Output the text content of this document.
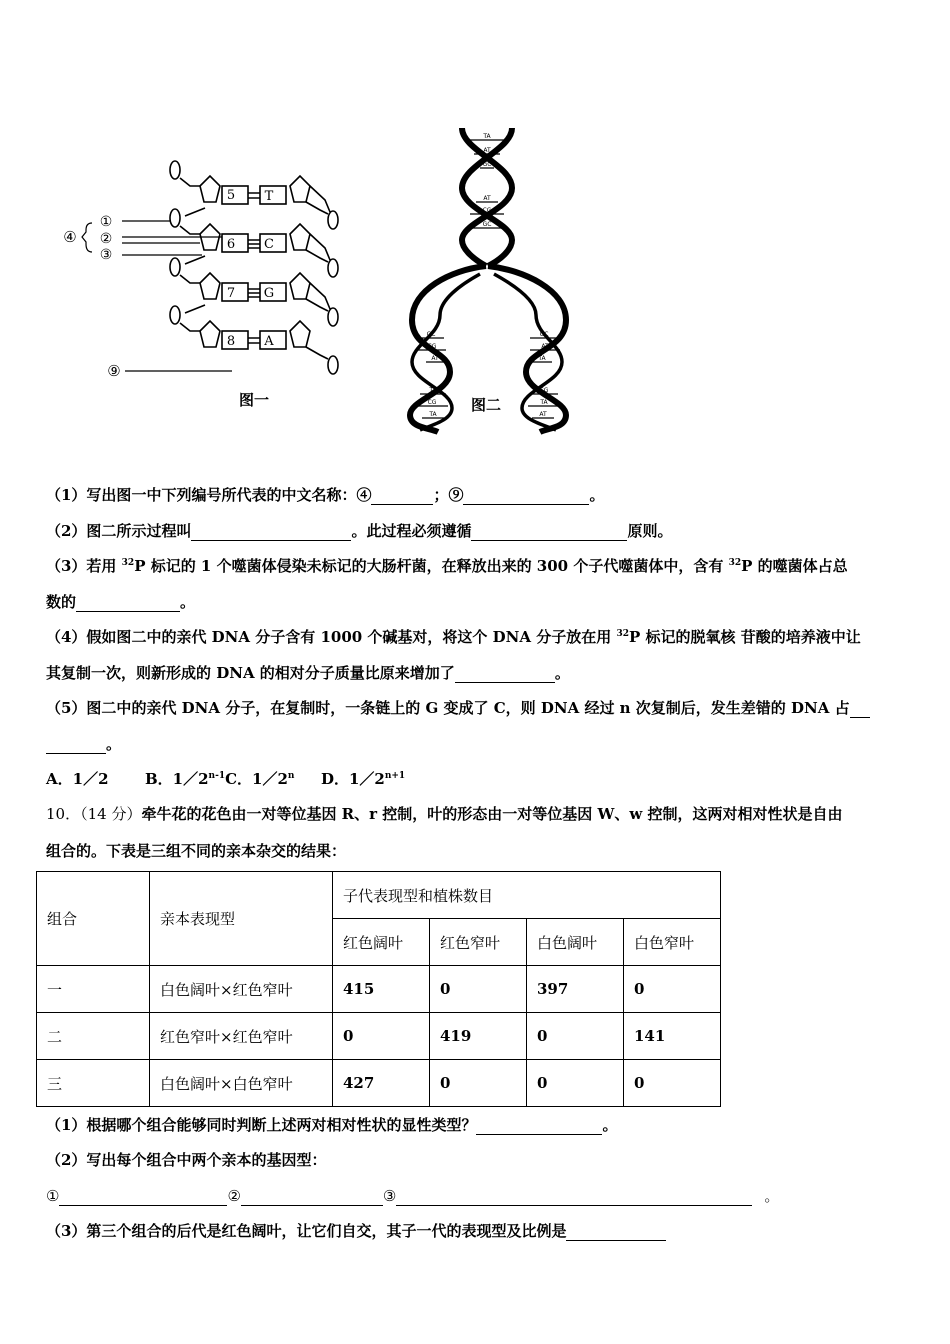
5 T
6 C
7 G
8 A
④
①
②
③
⑨
图一
TA
AT
GC
AT
CG
GC
GC
CG
AT
TA
CG
TA
GC
AT
TA
CG
TA
AT
图二
（1）写出图一中下列编号所代表的中文名称：④	；⑨	。
（2）图二所示过程叫	。此过程必须遵循	原则。
（3）若用 $^{32}$P 标记的 1 个噬菌体侵染未标记的大肠杆菌，在释放出来的 300 个子代噬菌体中，含有 $^{32}$P 的噬菌体占总
数的	。
（4）假如图二中的亲代 DNA 分子含有 1000 个碱基对，将这个 DNA 分子放在用 $^{32}$P 标记的脱氧核 苷酸的培养液中让
其复制一次，则新形成的 DNA 的相对分子质量比原来增加了	。
（5）图二中的亲代 DNA 分子，在复制时，一条链上的 G 变成了 C，则 DNA 经过 n 次复制后，发生差错的 DNA 占
。
A．1／2 B．1／2$^{n-1}$C．1／2$^n$ D．$1/2^{n+1}$
10．（14 分）牵牛花的花色由一对等位基因 R、r 控制，叶的形态由一对等位基因 W、w 控制，这两对相对性状是自由
组合的。下表是三组不同的亲本杂交的结果：
组合	亲本表现型	子代表现型和植株数目			
		红色阔叶	红色窄叶	白色阔叶	白色窄叶
一	白色阔叶×红色窄叶	415	0	397	0
二	红色窄叶×红色窄叶	0	419	0	141
三	白色阔叶×白色窄叶	427	0	0	0
（1）根据哪个组合能够同时判断上述两对相对性状的显性类型？	。
（2）写出每个组合中两个亲本的基因型：
①	②	③	。
（3）第三个组合的后代是红色阔叶，让它们自交，其子一代的表现型及比例是
